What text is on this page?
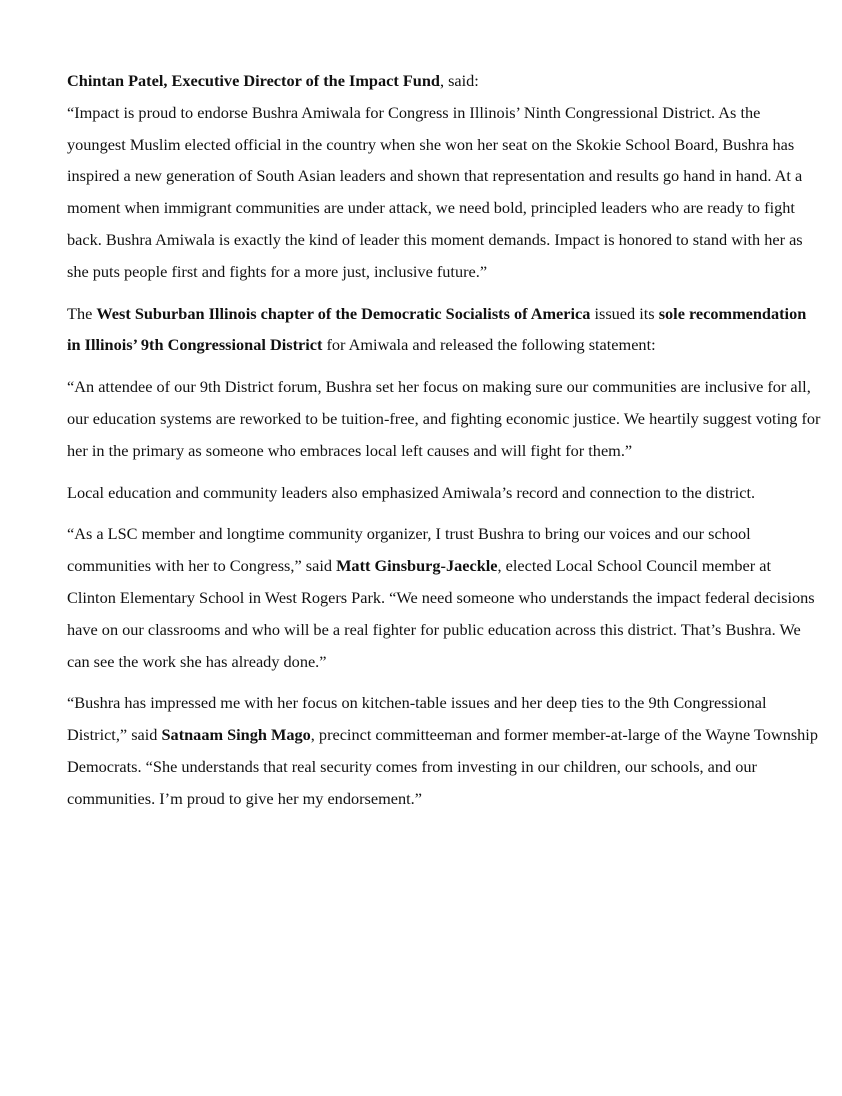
Chintan Patel, Executive Director of the Impact Fund, said:
“Impact is proud to endorse Bushra Amiwala for Congress in Illinois’ Ninth Congressional District. As the youngest Muslim elected official in the country when she won her seat on the Skokie School Board, Bushra has inspired a new generation of South Asian leaders and shown that representation and results go hand in hand. At a moment when immigrant communities are under attack, we need bold, principled leaders who are ready to fight back. Bushra Amiwala is exactly the kind of leader this moment demands. Impact is honored to stand with her as she puts people first and fights for a more just, inclusive future.”

The West Suburban Illinois chapter of the Democratic Socialists of America issued its sole recommendation in Illinois’ 9th Congressional District for Amiwala and released the following statement:

“An attendee of our 9th District forum, Bushra set her focus on making sure our communities are inclusive for all, our education systems are reworked to be tuition-free, and fighting economic justice. We heartily suggest voting for her in the primary as someone who embraces local left causes and will fight for them.”

Local education and community leaders also emphasized Amiwala’s record and connection to the district.

“As a LSC member and longtime community organizer, I trust Bushra to bring our voices and our school communities with her to Congress,” said Matt Ginsburg-Jaeckle, elected Local School Council member at Clinton Elementary School in West Rogers Park. “We need someone who understands the impact federal decisions have on our classrooms and who will be a real fighter for public education across this district. That’s Bushra. We can see the work she has already done.”

“Bushra has impressed me with her focus on kitchen-table issues and her deep ties to the 9th Congressional District,” said Satnaam Singh Mago, precinct committeeman and former member-at-large of the Wayne Township Democrats. “She understands that real security comes from investing in our children, our schools, and our communities. I’m proud to give her my endorsement.”
